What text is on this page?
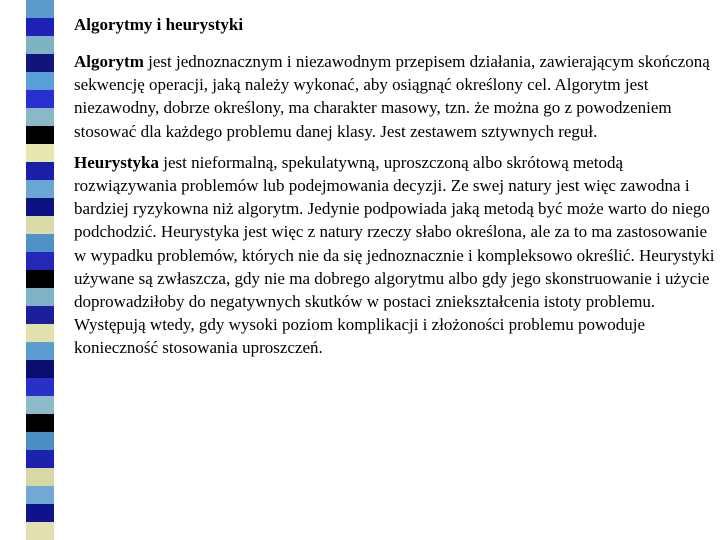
Algorytmy i heurystyki

Algorytm jest jednoznacznym i niezawodnym przepisem działania, zawierającym skończoną sekwencję operacji, jaką należy wykonać, aby osiągnąć określony cel. Algorytm jest niezawodny, dobrze określony, ma charakter masowy, tzn. że można go z powodzeniem stosować dla każdego problemu danej klasy. Jest zestawem sztywnych reguł.

Heurystyka jest nieformalną, spekulatywną, uproszczoną albo skrótową metodą rozwiązywania problemów lub podejmowania decyzji. Ze swej natury jest więc zawodna i bardziej ryzykowna niż algorytm. Jedynie podpowiada jaką metodą być może warto do niego podchodzić. Heurystyka jest więc z natury rzeczy słabo określona, ale za to ma zastosowanie w wypadku problemów, których nie da się jednoznacznie i kompleksowo określić. Heurystyki używane są zwłaszcza, gdy nie ma dobrego algorytmu albo gdy jego skonstruowanie i użycie doprowadziłoby do negatywnych skutków w postaci zniekształcenia istoty problemu. Występują wtedy, gdy wysoki poziom komplikacji i złożoności problemu powoduje konieczność stosowania uproszczeń.
